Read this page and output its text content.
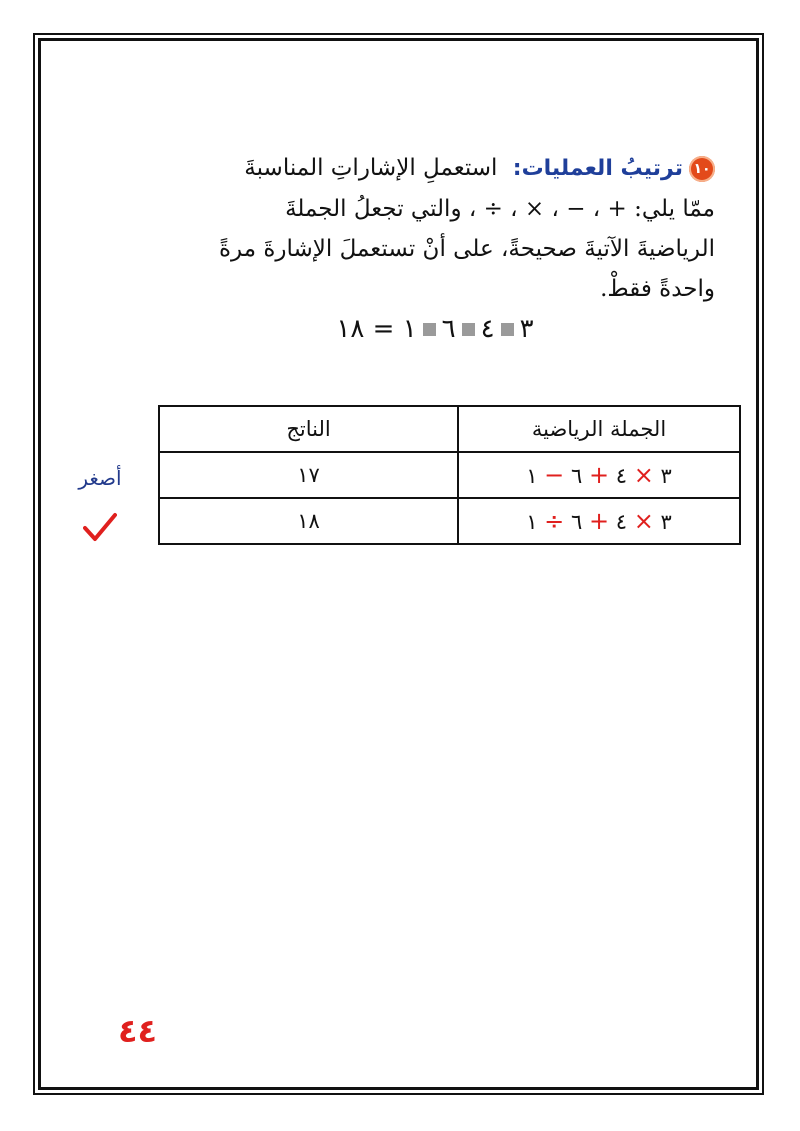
١٠ترتيبُ العمليات: استعملِ الإشاراتِ المناسبةَ
ممّا يلي: + ، − ، × ، ÷ ، والتي تجعلُ الجملةَ
الرياضيةَ الآتيةَ صحيحةً، على أنْ تستعملَ الإشارةَ مرةً
واحدةً فقطْ.
٣٤٦١ = ١٨
الجملة الرياضية	الناتج
٣ × ٤ + ٦ − ١	١٧
٣ × ٤ + ٦ ÷ ١	١٨
أصغر
٤٤
